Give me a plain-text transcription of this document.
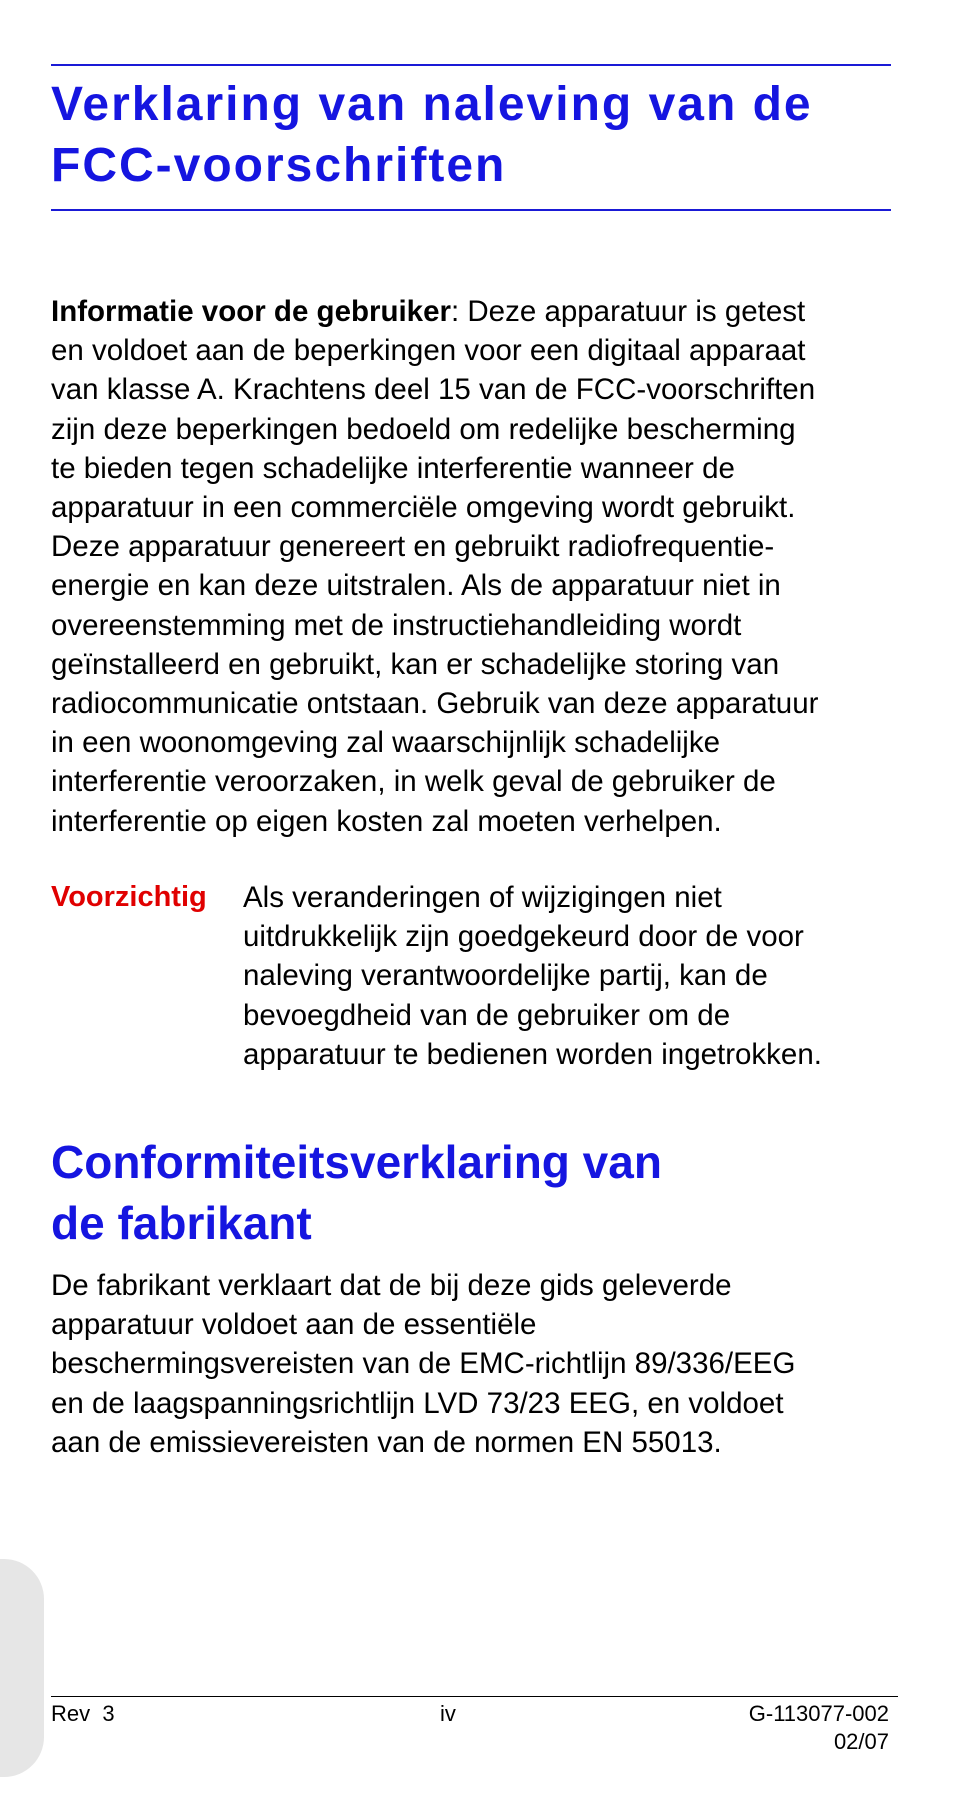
Verklaring van naleving van de
FCC-voorschriften

Informatie voor de gebruiker: Deze apparatuur is getest
en voldoet aan de beperkingen voor een digitaal apparaat
van klasse A. Krachtens deel 15 van de FCC-voorschriften
zijn deze beperkingen bedoeld om redelijke bescherming
te bieden tegen schadelijke interferentie wanneer de
apparatuur in een commerciële omgeving wordt gebruikt.
Deze apparatuur genereert en gebruikt radiofrequentie-
energie en kan deze uitstralen. Als de apparatuur niet in
overeenstemming met de instructiehandleiding wordt
geïnstalleerd en gebruikt, kan er schadelijke storing van
radiocommunicatie ontstaan. Gebruik van deze apparatuur
in een woonomgeving zal waarschijnlijk schadelijke
interferentie veroorzaken, in welk geval de gebruiker de
interferentie op eigen kosten zal moeten verhelpen.

Voorzichtig Als veranderingen of wijzigingen niet
uitdrukkelijk zijn goedgekeurd door de voor
naleving verantwoordelijke partij, kan de
bevoegdheid van de gebruiker om de
apparatuur te bedienen worden ingetrokken.

Conformiteitsverklaring van
de fabrikant

De fabrikant verklaart dat de bij deze gids geleverde
apparatuur voldoet aan de essentiële
beschermingsvereisten van de EMC-richtlijn 89/336/EEG
en de laagspanningsrichtlijn LVD 73/23 EEG, en voldoet
aan de emissievereisten van de normen EN 55013.

Rev  3	iv	G-113077-002
02/07
